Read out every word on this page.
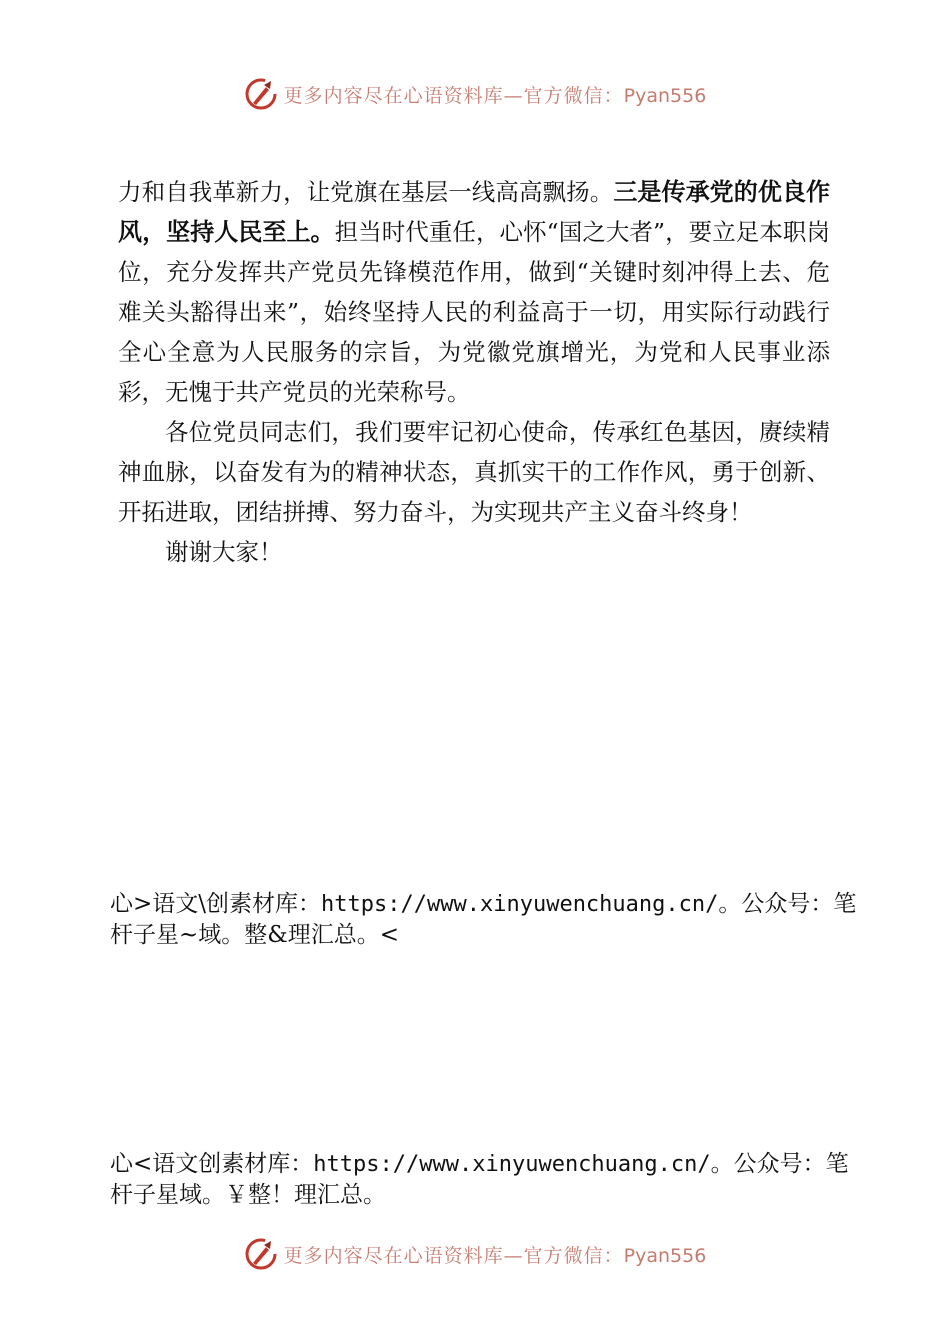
更多内容尽在心语资料库—官方微信：Pyan556

力和自我革新力，让党旗在基层一线高高飘扬。三是传承党的优良作风，坚持人民至上。担当时代重任，心怀“国之大者”，要立足本职岗位，充分发挥共产党员先锋模范作用，做到“关键时刻冲得上去、危难关头豁得出来”，始终坚持人民的利益高于一切，用实际行动践行全心全意为人民服务的宗旨，为党徽党旗增光，为党和人民事业添彩，无愧于共产党员的光荣称号。

各位党员同志们，我们要牢记初心使命，传承红色基因，赓续精神血脉，以奋发有为的精神状态，真抓实干的工作作风，勇于创新、开拓进取，团结拼搏、努力奋斗，为实现共产主义奋斗终身！

谢谢大家！

心>语文\创素材库：https://www.xinyuwenchuang.cn/。公众号：笔杆子星~域。整&理汇总。<
心<语文创素材库：https://www.xinyuwenchuang.cn/。公众号：笔杆子星域。￥整！理汇总。
更多内容尽在心语资料库—官方微信：Pyan556
